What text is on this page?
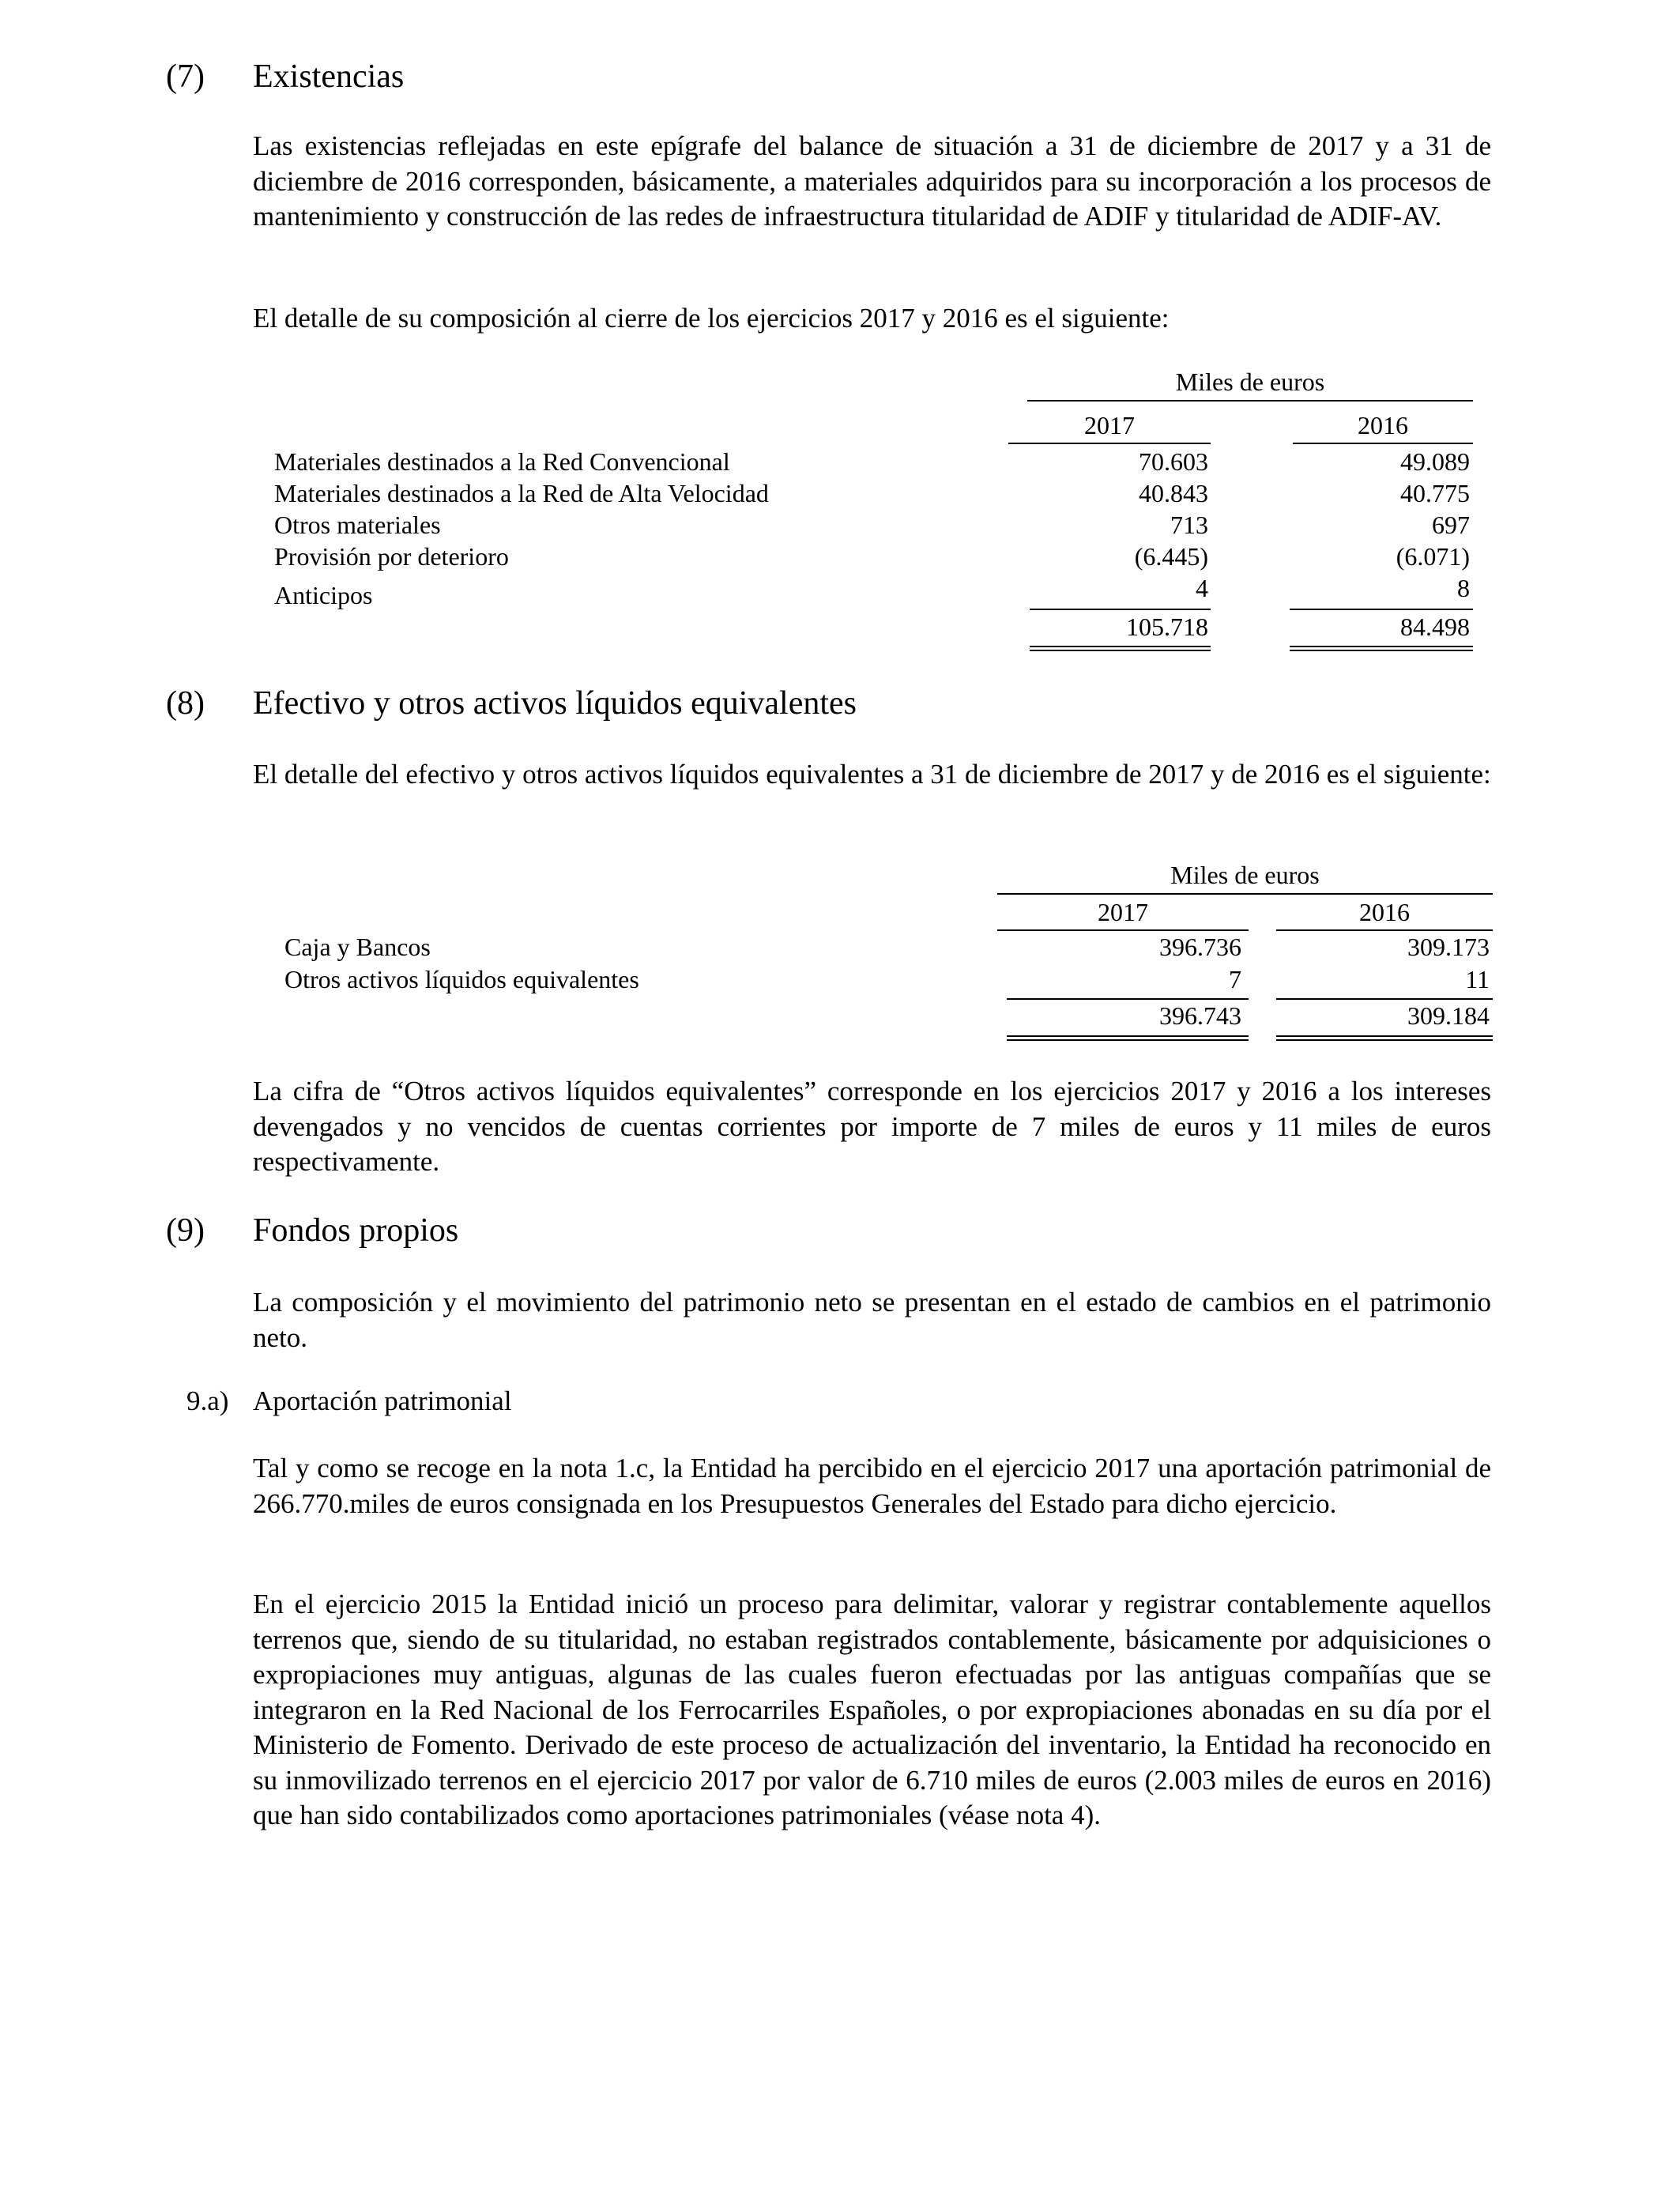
(7) Existencias
Las existencias reflejadas en este epígrafe del balance de situación a 31 de diciembre de 2017 y a 31 de diciembre de 2016 corresponden, básicamente, a materiales adquiridos para su incorporación a los procesos de mantenimiento y construcción de las redes de infraestructura titularidad de ADIF y titularidad de ADIF-AV.
El detalle de su composición al cierre de los ejercicios 2017 y 2016 es el siguiente:
Miles de euros
2017	2016
Materiales destinados a la Red Convencional	70.603	49.089
Materiales destinados a la Red de Alta Velocidad	40.843	40.775
Otros materiales	713	697
Provisión por deterioro	(6.445)	(6.071)
Anticipos	4	8
105.718	84.498
(8) Efectivo y otros activos líquidos equivalentes
El detalle del efectivo y otros activos líquidos equivalentes a 31 de diciembre de 2017 y de 2016 es el siguiente:
Miles de euros
2017	2016
Caja y Bancos	396.736	309.173
Otros activos líquidos equivalentes	7	11
396.743	309.184
La cifra de “Otros activos líquidos equivalentes” corresponde en los ejercicios 2017 y 2016 a los intereses devengados y no vencidos de cuentas corrientes por importe de 7 miles de euros y 11 miles de euros respectivamente.
(9) Fondos propios
La composición y el movimiento del patrimonio neto se presentan en el estado de cambios en el patrimonio neto.
9.a) Aportación patrimonial
Tal y como se recoge en la nota 1.c, la Entidad ha percibido en el ejercicio 2017 una aportación patrimonial de 266.770.miles de euros consignada en los Presupuestos Generales del Estado para dicho ejercicio.
En el ejercicio 2015 la Entidad inició un proceso para delimitar, valorar y registrar contablemente aquellos terrenos que, siendo de su titularidad, no estaban registrados contablemente, básicamente por adquisiciones o expropiaciones muy antiguas, algunas de las cuales fueron efectuadas por las antiguas compañías que se integraron en la Red Nacional de los Ferrocarriles Españoles, o por expropiaciones abonadas en su día por el Ministerio de Fomento. Derivado de este proceso de actualización del inventario, la Entidad ha reconocido en su inmovilizado terrenos en el ejercicio 2017 por valor de 6.710 miles de euros (2.003 miles de euros en 2016) que han sido contabilizados como aportaciones patrimoniales (véase nota 4).
